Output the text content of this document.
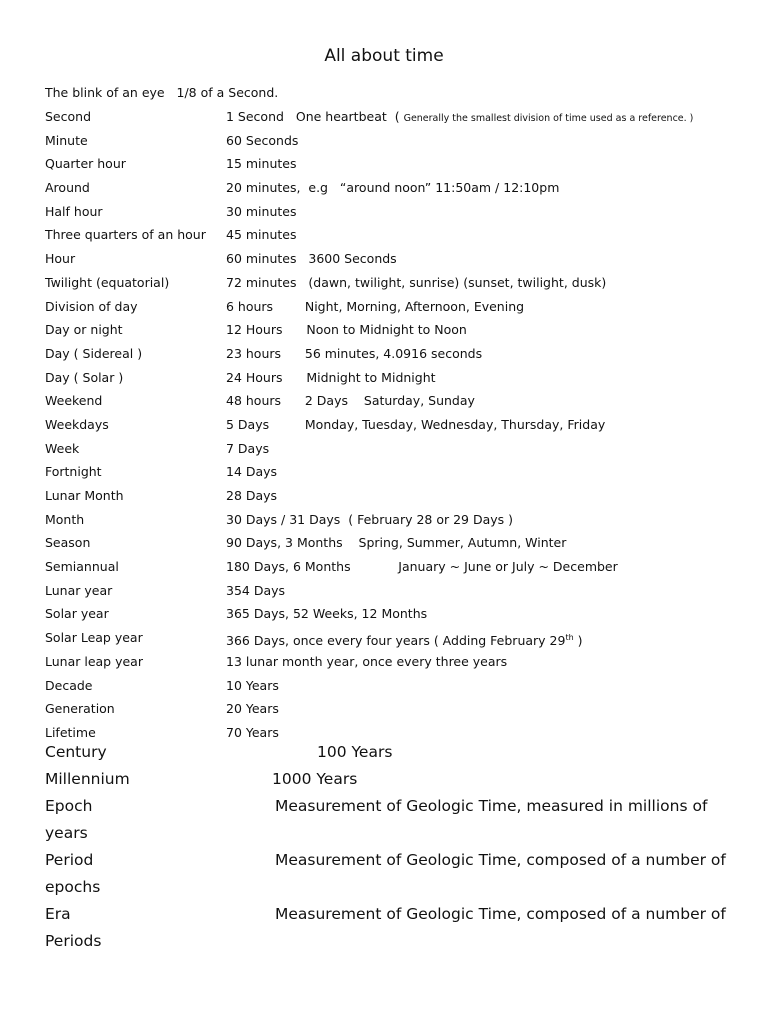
All about time
The blink of an eye   1/8 of a Second.
Second	1 Second   One heartbeat  ( Generally the smallest division of time used as a reference. )
Minute	60 Seconds
Quarter hour	15 minutes
Around	20 minutes,  e.g   “around noon” 11:50am / 12:10pm
Half hour	30 minutes
Three quarters of an hour 45 minutes
Hour	60 minutes   3600 Seconds
Twilight (equatorial)	72 minutes   (dawn, twilight, sunrise) (sunset, twilight, dusk)
Division of day	6 hours        Night, Morning, Afternoon, Evening
Day or night	12 Hours      Noon to Midnight to Noon
Day ( Sidereal )	23 hours      56 minutes, 4.0916 seconds
Day ( Solar )	24 Hours      Midnight to Midnight
Weekend	48 hours      2 Days    Saturday, Sunday
Weekdays	5 Days         Monday, Tuesday, Wednesday, Thursday, Friday
Week	7 Days
Fortnight	14 Days
Lunar Month	28 Days
Month	30 Days / 31 Days  ( February 28 or 29 Days )
Season	90 Days, 3 Months    Spring, Summer, Autumn, Winter
Semiannual	180 Days, 6 Months            January ~ June or July ~ December
Lunar year	354 Days
Solar year	365 Days, 52 Weeks, 12 Months
Solar Leap year	366 Days, once every four years ( Adding February 29th )
Lunar leap year	13 lunar month year, once every three years
Decade	10 Years
Generation	20 Years
Lifetime	70 Years
Century	100 Years
Millennium	1000 Years
Epoch	Measurement of Geologic Time, measured in millions of
years
Period	Measurement of Geologic Time, composed of a number of
epochs
Era	Measurement of Geologic Time, composed of a number of
Periods
